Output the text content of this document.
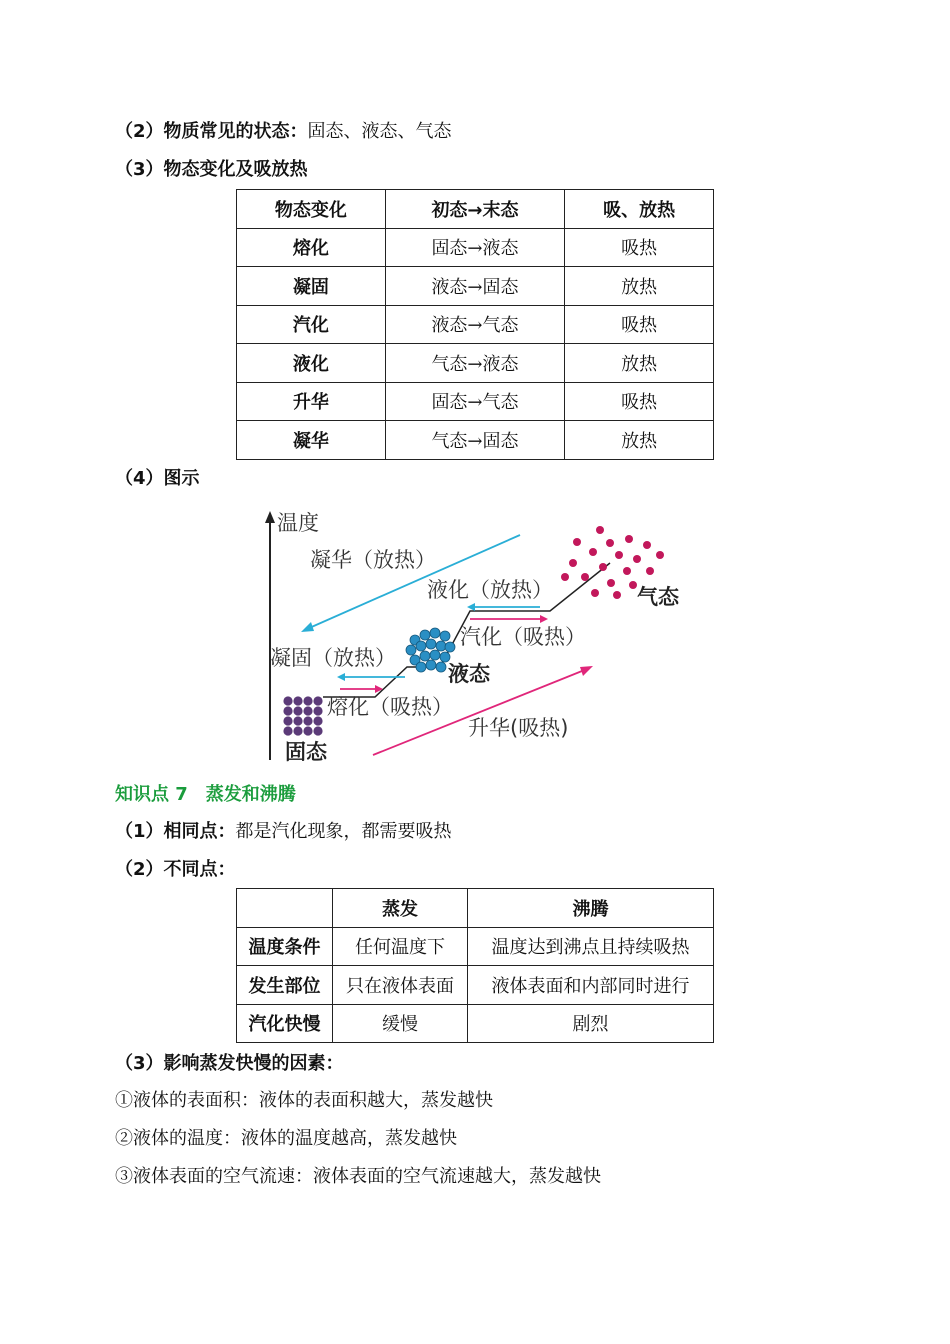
（2）物质常见的状态：固态、液态、气态
（3）物态变化及吸放热
物态变化	初态→末态	吸、放热
熔化	固态→液态	吸热
凝固	液态→固态	放热
汽化	液态→气态	吸热
液化	气态→液态	放热
升华	固态→气态	吸热
凝华	气态→固态	放热
（4）图示
温度
凝华（放热）
升华(吸热)
固态
熔化（吸热）
凝固（放热）
液态
汽化（吸热）
液化（放热）	气态
知识点 7　蒸发和沸腾
（1）相同点：都是汽化现象，都需要吸热
（2）不同点：
	蒸发	沸腾
温度条件	任何温度下	温度达到沸点且持续吸热
发生部位	只在液体表面	液体表面和内部同时进行
汽化快慢	缓慢	剧烈
（3）影响蒸发快慢的因素：
①液体的表面积：液体的表面积越大，蒸发越快
②液体的温度：液体的温度越高，蒸发越快
③液体表面的空气流速：液体表面的空气流速越大，蒸发越快
